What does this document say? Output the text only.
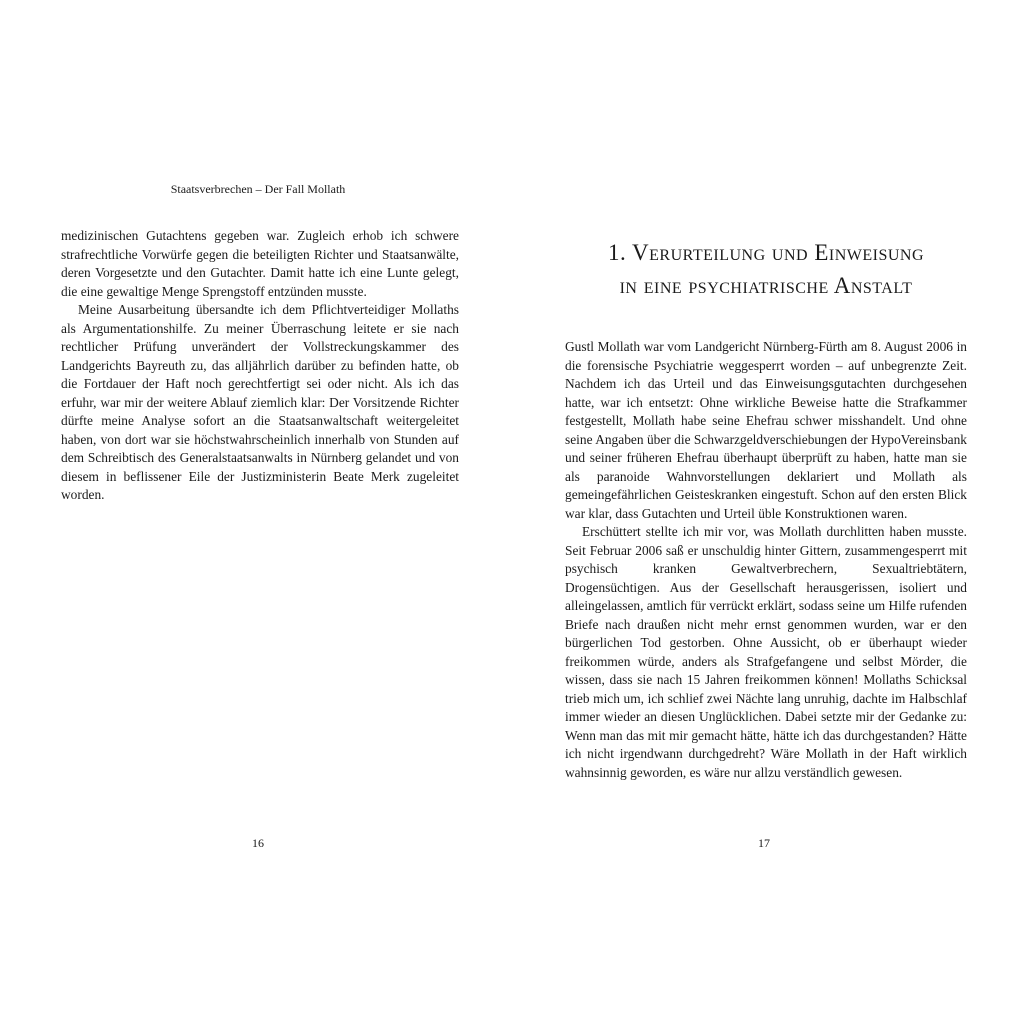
Staatsverbrechen – Der Fall Mollath

medizinischen Gutachtens gegeben war. Zugleich erhob ich schwere strafrechtliche Vorwürfe gegen die beteiligten Richter und Staatsanwälte, deren Vorgesetzte und den Gutachter. Damit hatte ich eine Lunte gelegt, die eine gewaltige Menge Sprengstoff entzünden musste.

Meine Ausarbeitung übersandte ich dem Pflichtverteidiger Mollaths als Argumentationshilfe. Zu meiner Überraschung leitete er sie nach rechtlicher Prüfung unverändert der Vollstreckungskammer des Landgerichts Bayreuth zu, das alljährlich darüber zu befinden hatte, ob die Fortdauer der Haft noch gerechtfertigt sei oder nicht. Als ich das erfuhr, war mir der weitere Ablauf ziemlich klar: Der Vorsitzende Richter dürfte meine Analyse sofort an die Staatsanwaltschaft weitergeleitet haben, von dort war sie höchstwahrscheinlich innerhalb von Stunden auf dem Schreibtisch des Generalstaatsanwalts in Nürnberg gelandet und von diesem in beflissener Eile der Justizministerin Beate Merk zugeleitet worden.

16
1. Verurteilung und Einweisung
in eine psychiatrische Anstalt

Gustl Mollath war vom Landgericht Nürnberg-Fürth am 8. August 2006 in die forensische Psychiatrie weggesperrt worden – auf unbegrenzte Zeit. Nachdem ich das Urteil und das Einweisungsgutachten durchgesehen hatte, war ich entsetzt: Ohne wirkliche Beweise hatte die Strafkammer festgestellt, Mollath habe seine Ehefrau schwer misshandelt. Und ohne seine Angaben über die Schwarzgeldverschiebungen der HypoVereinsbank und seiner früheren Ehefrau überhaupt überprüft zu haben, hatte man sie als paranoide Wahnvorstellungen deklariert und Mollath als gemeingefährlichen Geisteskranken eingestuft. Schon auf den ersten Blick war klar, dass Gutachten und Urteil üble Konstruktionen waren.

Erschüttert stellte ich mir vor, was Mollath durchlitten haben musste. Seit Februar 2006 saß er unschuldig hinter Gittern, zusammengesperrt mit psychisch kranken Gewaltverbrechern, Sexualtriebtätern, Drogensüchtigen. Aus der Gesellschaft herausgerissen, isoliert und alleingelassen, amtlich für verrückt erklärt, sodass seine um Hilfe rufenden Briefe nach draußen nicht mehr ernst genommen wurden, war er den bürgerlichen Tod gestorben. Ohne Aussicht, ob er überhaupt wieder freikommen würde, anders als Strafgefangene und selbst Mörder, die wissen, dass sie nach 15 Jahren freikommen können! Mollaths Schicksal trieb mich um, ich schlief zwei Nächte lang unruhig, dachte im Halbschlaf immer wieder an diesen Unglücklichen. Dabei setzte mir der Gedanke zu: Wenn man das mit mir gemacht hätte, hätte ich das durchgestanden? Hätte ich nicht irgendwann durchgedreht? Wäre Mollath in der Haft wirklich wahnsinnig geworden, es wäre nur allzu verständlich gewesen.

17
